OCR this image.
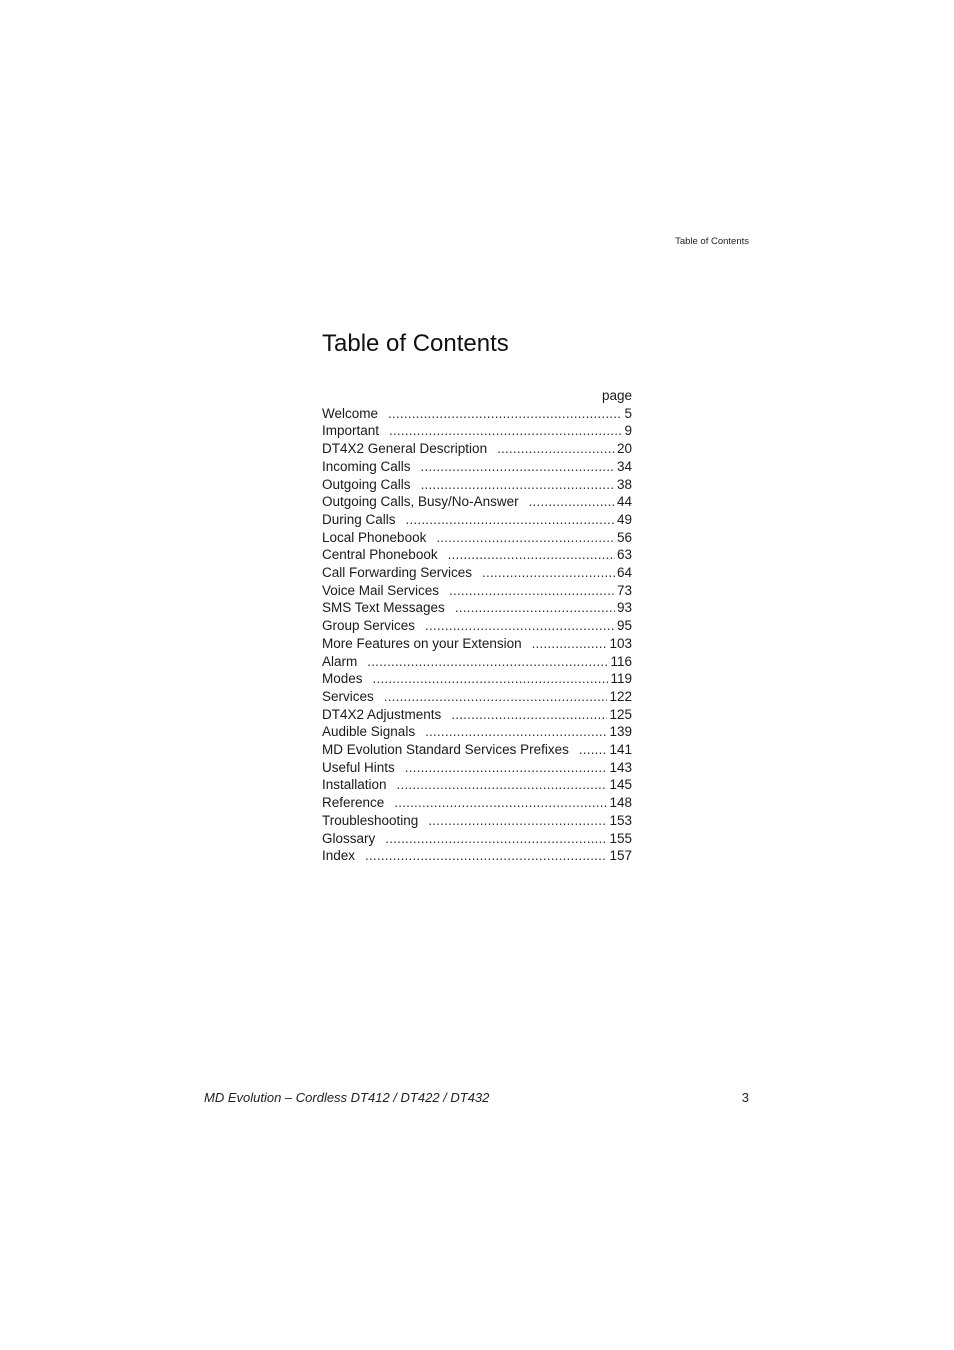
Table of Contents
Table of Contents
page
Welcome .....	5
Important .....	9
DT4X2 General Description .....	20
Incoming Calls .....	34
Outgoing Calls .....	38
Outgoing Calls, Busy/No-Answer .....	44
During Calls .....	49
Local Phonebook .....	56
Central Phonebook .....	63
Call Forwarding Services .....	64
Voice Mail Services .....	73
SMS Text Messages .....	93
Group Services .....	95
More Features on your Extension .....	103
Alarm .....	116
Modes .....	119
Services .....	122
DT4X2 Adjustments .....	125
Audible Signals .....	139
MD Evolution Standard Services Prefixes .....	141
Useful Hints .....	143
Installation .....	145
Reference .....	148
Troubleshooting .....	153
Glossary .....	155
Index .....	157
MD Evolution – Cordless DT412 / DT422 / DT432	3
